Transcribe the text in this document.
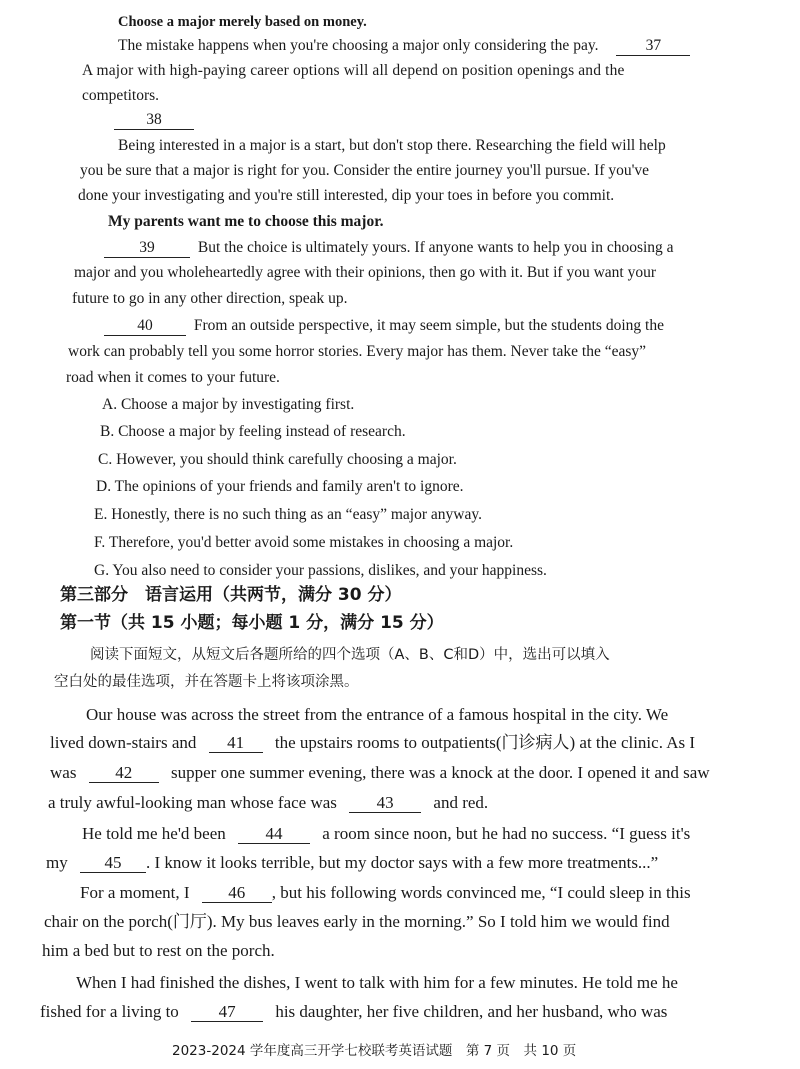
Choose a major merely based on money.
The mistake happens when you're choosing a major only considering the pay.	37
A major with high-paying career options will all depend on position openings and the
competitors.
38
Being interested in a major is a start, but don't stop there. Researching the field will help
you be sure that a major is right for you. Consider the entire journey you'll pursue. If you've
done your investigating and you're still interested, dip your toes in before you commit.
My parents want me to choose this major.
39	But the choice is ultimately yours. If anyone wants to help you in choosing a
major and you wholeheartedly agree with their opinions, then go with it. But if you want your
future to go in any other direction, speak up.
40	From an outside perspective, it may seem simple, but the students doing the
work can probably tell you some horror stories. Every major has them. Never take the “easy”
road when it comes to your future.
A. Choose a major by investigating first.
B. Choose a major by feeling instead of research.
C. However, you should think carefully choosing a major.
D. The opinions of your friends and family aren't to ignore.
E. Honestly, there is no such thing as an “easy” major anyway.
F. Therefore, you'd better avoid some mistakes in choosing a major.
G. You also need to consider your passions, dislikes, and your happiness.
第三部分　语言运用（共两节，满分 30 分）
第一节（共 15 小题；每小题 1 分，满分 15 分）
阅读下面短文，从短文后各题所给的四个选项（A、B、C和D）中，选出可以填入
空白处的最佳选项，并在答题卡上将该项涂黑。
Our house was across the street from the entrance of a famous hospital in the city. We
lived down-stairs and 41 the upstairs rooms to outpatients(门诊病人) at the clinic. As I
was 42 supper one summer evening, there was a knock at the door. I opened it and saw
a truly awful-looking man whose face was 43 and red.
He told me he'd been 44 a room since noon, but he had no success. “I guess it's
my 45 . I know it looks terrible, but my doctor says with a few more treatments...”
For a moment, I 46 , but his following words convinced me, “I could sleep in this
chair on the porch(门厅). My bus leaves early in the morning.” So I told him we would find
him a bed but to rest on the porch.
When I had finished the dishes, I went to talk with him for a few minutes. He told me he
fished for a living to 47 his daughter, her five children, and her husband, who was
2023-2024 学年度高三开学七校联考英语试题　第 7 页　共 10 页
